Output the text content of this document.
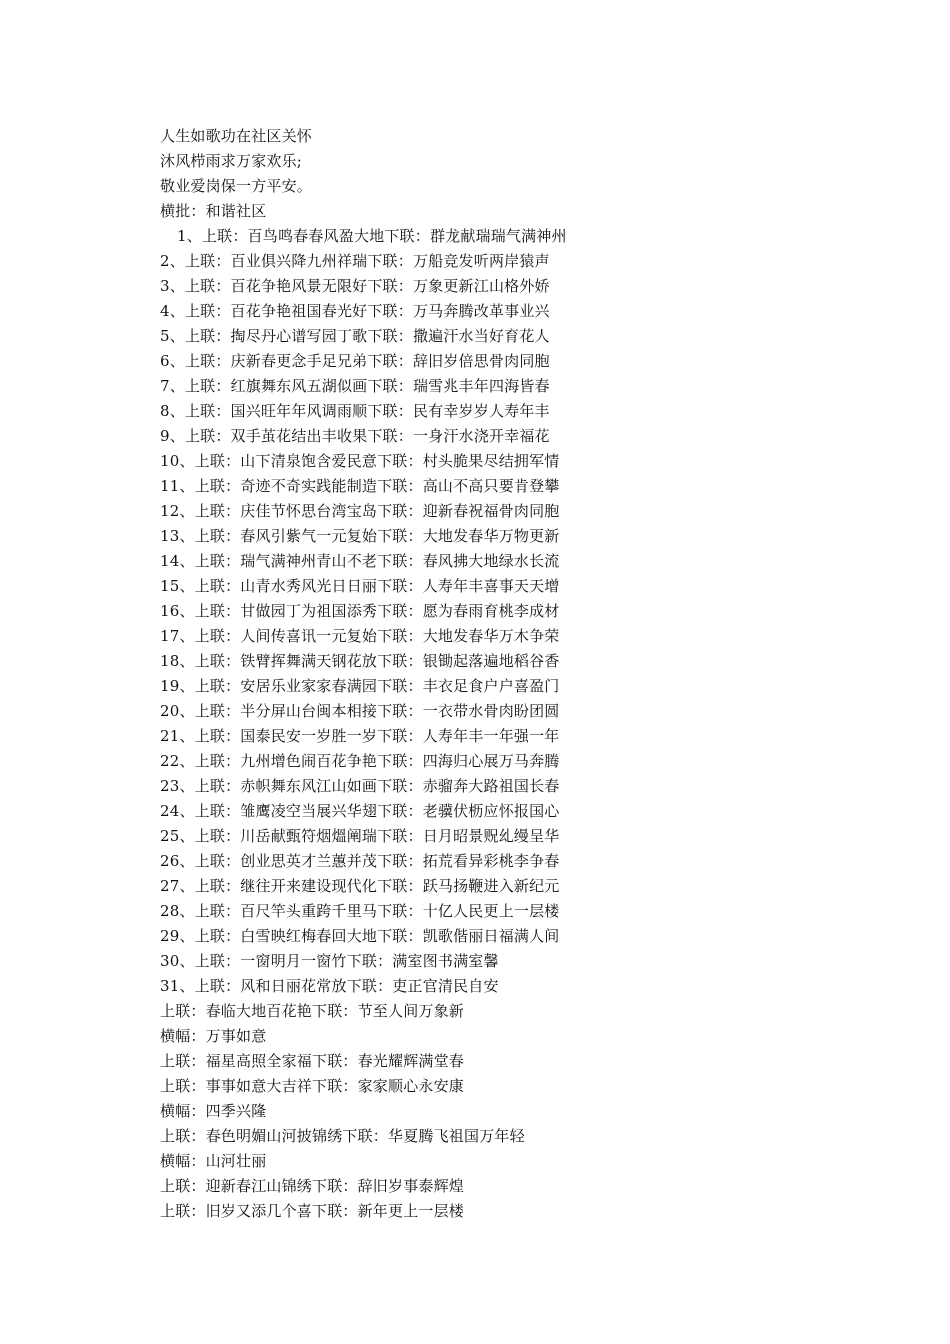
人生如歌功在社区关怀
沐风栉雨求万家欢乐;
敬业爱岗保一方平安。
横批：和谐社区
1、上联：百鸟鸣春春风盈大地下联：群龙献瑞瑞气满神州
2、上联：百业俱兴降九州祥瑞下联：万船竞发听两岸猿声
3、上联：百花争艳风景无限好下联：万象更新江山格外娇
4、上联：百花争艳祖国春光好下联：万马奔腾改革事业兴
5、上联：掏尽丹心谱写园丁歌下联：撒遍汗水当好育花人
6、上联：庆新春更念手足兄弟下联：辞旧岁倍思骨肉同胞
7、上联：红旗舞东风五湖似画下联：瑞雪兆丰年四海皆春
8、上联：国兴旺年年风调雨顺下联：民有幸岁岁人寿年丰
9、上联：双手茧花结出丰收果下联：一身汗水浇开幸福花
10、上联：山下清泉饱含爱民意下联：村头脆果尽结拥军情
11、上联：奇迹不奇实践能制造下联：高山不高只要肯登攀
12、上联：庆佳节怀思台湾宝岛下联：迎新春祝福骨肉同胞
13、上联：春风引紫气一元复始下联：大地发春华万物更新
14、上联：瑞气满神州青山不老下联：春风拂大地绿水长流
15、上联：山青水秀风光日日丽下联：人寿年丰喜事天天增
16、上联：甘做园丁为祖国添秀下联：愿为春雨育桃李成材
17、上联：人间传喜讯一元复始下联：大地发春华万木争荣
18、上联：铁臂挥舞满天钢花放下联：银锄起落遍地稻谷香
19、上联：安居乐业家家春满园下联：丰衣足食户户喜盈门
20、上联：半分屏山台闽本相接下联：一衣带水骨肉盼团圆
21、上联：国泰民安一岁胜一岁下联：人寿年丰一年强一年
22、上联：九州增色闹百花争艳下联：四海归心展万马奔腾
23、上联：赤帜舞东风江山如画下联：赤骝奔大路祖国长春
24、上联：雏鹰凌空当展兴华翅下联：老骥伏枥应怀报国心
25、上联：川岳献甄符烟熅阐瑞下联：日月昭景贶乣缦呈华
26、上联：创业思英才兰蕙并茂下联：拓荒看异彩桃李争春
27、上联：继往开来建设现代化下联：跃马扬鞭进入新纪元
28、上联：百尺竿头重跨千里马下联：十亿人民更上一层楼
29、上联：白雪映红梅春回大地下联：凯歌偕丽日福满人间
30、上联：一窗明月一窗竹下联：满室图书满室馨
31、上联：风和日丽花常放下联：吏正官清民自安
上联：春临大地百花艳下联：节至人间万象新
横幅：万事如意
上联：福星高照全家福下联：春光耀辉满堂春
上联：事事如意大吉祥下联：家家顺心永安康
横幅：四季兴隆
上联：春色明媚山河披锦绣下联：华夏腾飞祖国万年轻
横幅：山河壮丽
上联：迎新春江山锦绣下联：辞旧岁事泰辉煌
上联：旧岁又添几个喜下联：新年更上一层楼
